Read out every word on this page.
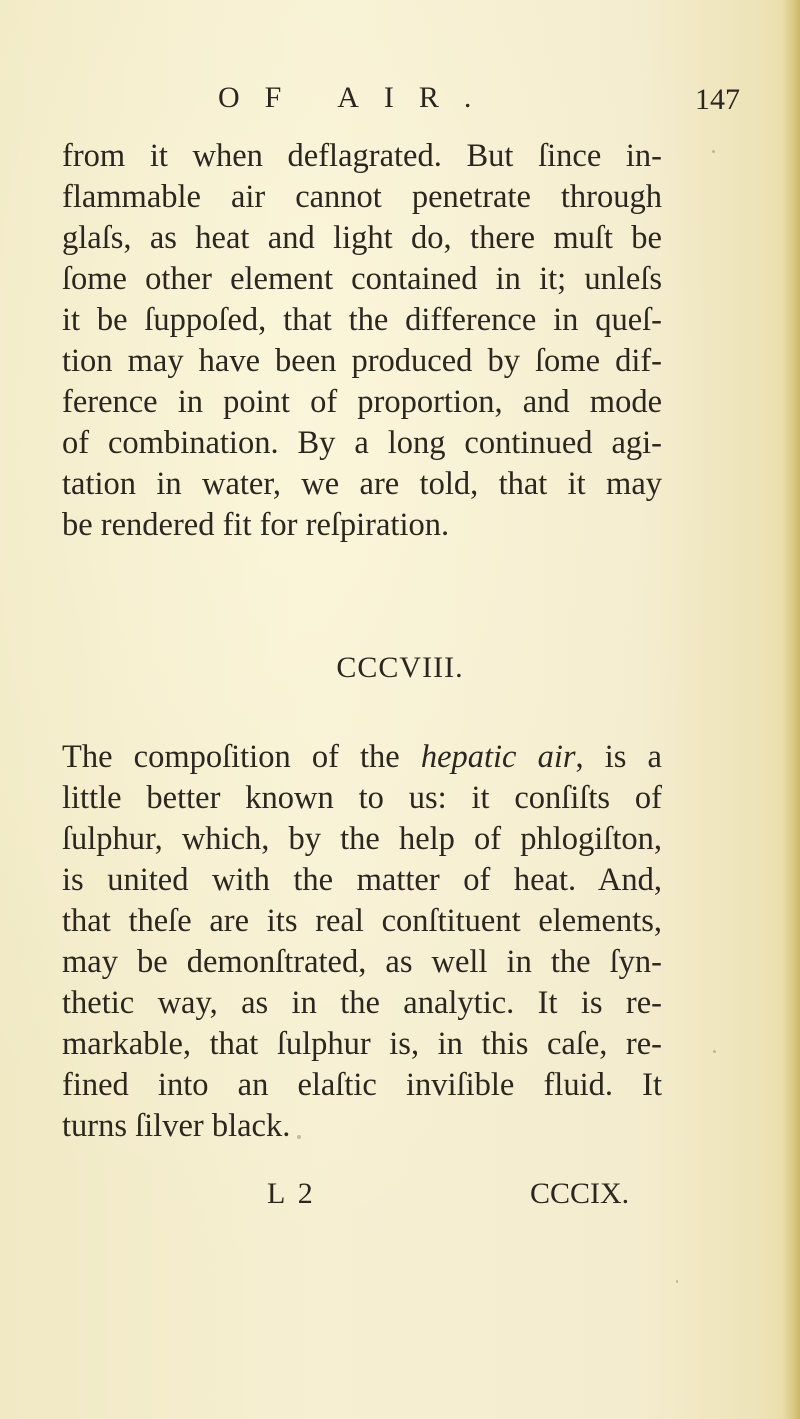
OF AIR.	147
from it when deflagrated. But ſince in-
flammable air cannot penetrate through
glaſs, as heat and light do, there muſt be
ſome other element contained in it; unleſs
it be ſuppoſed, that the difference in queſ-
tion may have been produced by ſome dif-
ference in point of proportion, and mode
of combination. By a long continued agi-
tation in water, we are told, that it may
be rendered fit for reſpiration.
CCCVIII.
The compoſition of the hepatic air, is a
little better known to us: it conſiſts of
ſulphur, which, by the help of phlogiſton,
is united with the matter of heat. And,
that theſe are its real conſtituent elements,
may be demonſtrated, as well in the ſyn-
thetic way, as in the analytic. It is re-
markable, that ſulphur is, in this caſe, re-
fined into an elaſtic inviſible fluid. It
turns ſilver black.
L 2	CCCIX.
